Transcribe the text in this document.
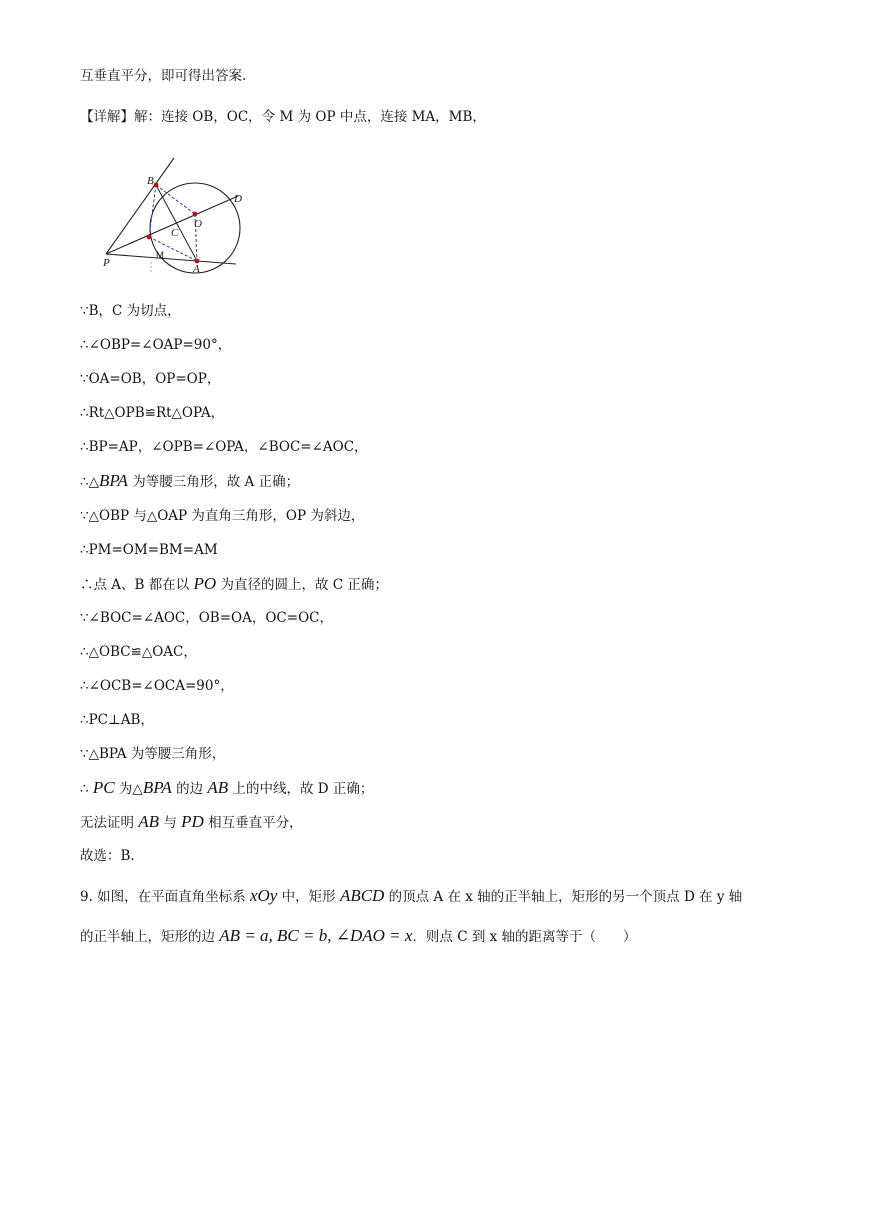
互垂直平分，即可得出答案.
【详解】解：连接 OB，OC，令 M 为 OP 中点，连接 MA，MB，
B
D
O
C
P
M
A
∵B，C 为切点，
∴∠OBP=∠OAP=90°，
∵OA=OB，OP=OP，
∴Rt△OPB≌Rt△OPA，
∴BP=AP，∠OPB=∠OPA，∠BOC=∠AOC，
∴△BPA 为等腰三角形，故 A 正确；
∵△OBP 与△OAP 为直角三角形，OP 为斜边，
∴PM=OM=BM=AM
∴点 A、B 都在以 PO 为直径的圆上，故 C 正确；
∵∠BOC=∠AOC，OB=OA，OC=OC，
∴△OBC≌△OAC，
∴∠OCB=∠OCA=90°，
∴PC⊥AB，
∵△BPA 为等腰三角形，
∴ PC 为△BPA 的边 AB 上的中线，故 D 正确；
无法证明 AB 与 PD 相互垂直平分，
故选：B.
9. 如图，在平面直角坐标系 xOy 中，矩形 ABCD 的顶点 A 在 x 轴的正半轴上，矩形的另一个顶点 D 在 y 轴
的正半轴上，矩形的边 AB = a, BC = b, ∠DAO = x．则点 C 到 x 轴的距离等于（　　）
